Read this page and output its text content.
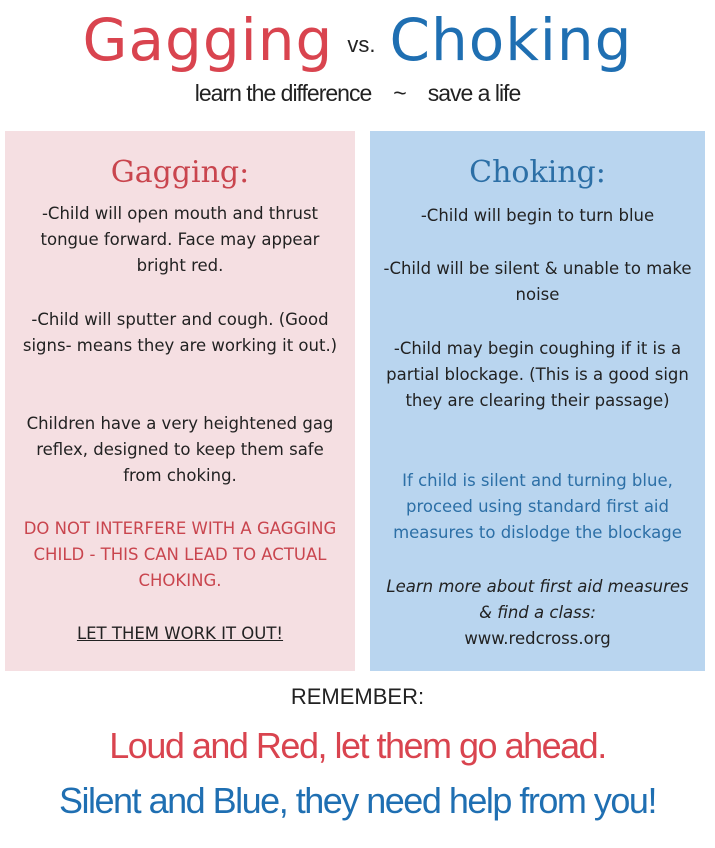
Gagging vs. Choking
learn the difference ~ save a life
Gagging:
-Child will open mouth and thrust tongue forward. Face may appear bright red.
-Child will sputter and cough. (Good signs- means they are working it out.)
Children have a very heightened gag reflex, designed to keep them safe from choking.
DO NOT INTERFERE WITH A GAGGING CHILD - THIS CAN LEAD TO ACTUAL CHOKING.
LET THEM WORK IT OUT!
Choking:
-Child will begin to turn blue
-Child will be silent & unable to make noise
-Child may begin coughing if it is a partial blockage. (This is a good sign they are clearing their passage)
If child is silent and turning blue, proceed using standard first aid measures to dislodge the blockage
Learn more about first aid measures & find a class:
www.redcross.org
REMEMBER:
Loud and Red, let them go ahead.
Silent and Blue, they need help from you!
